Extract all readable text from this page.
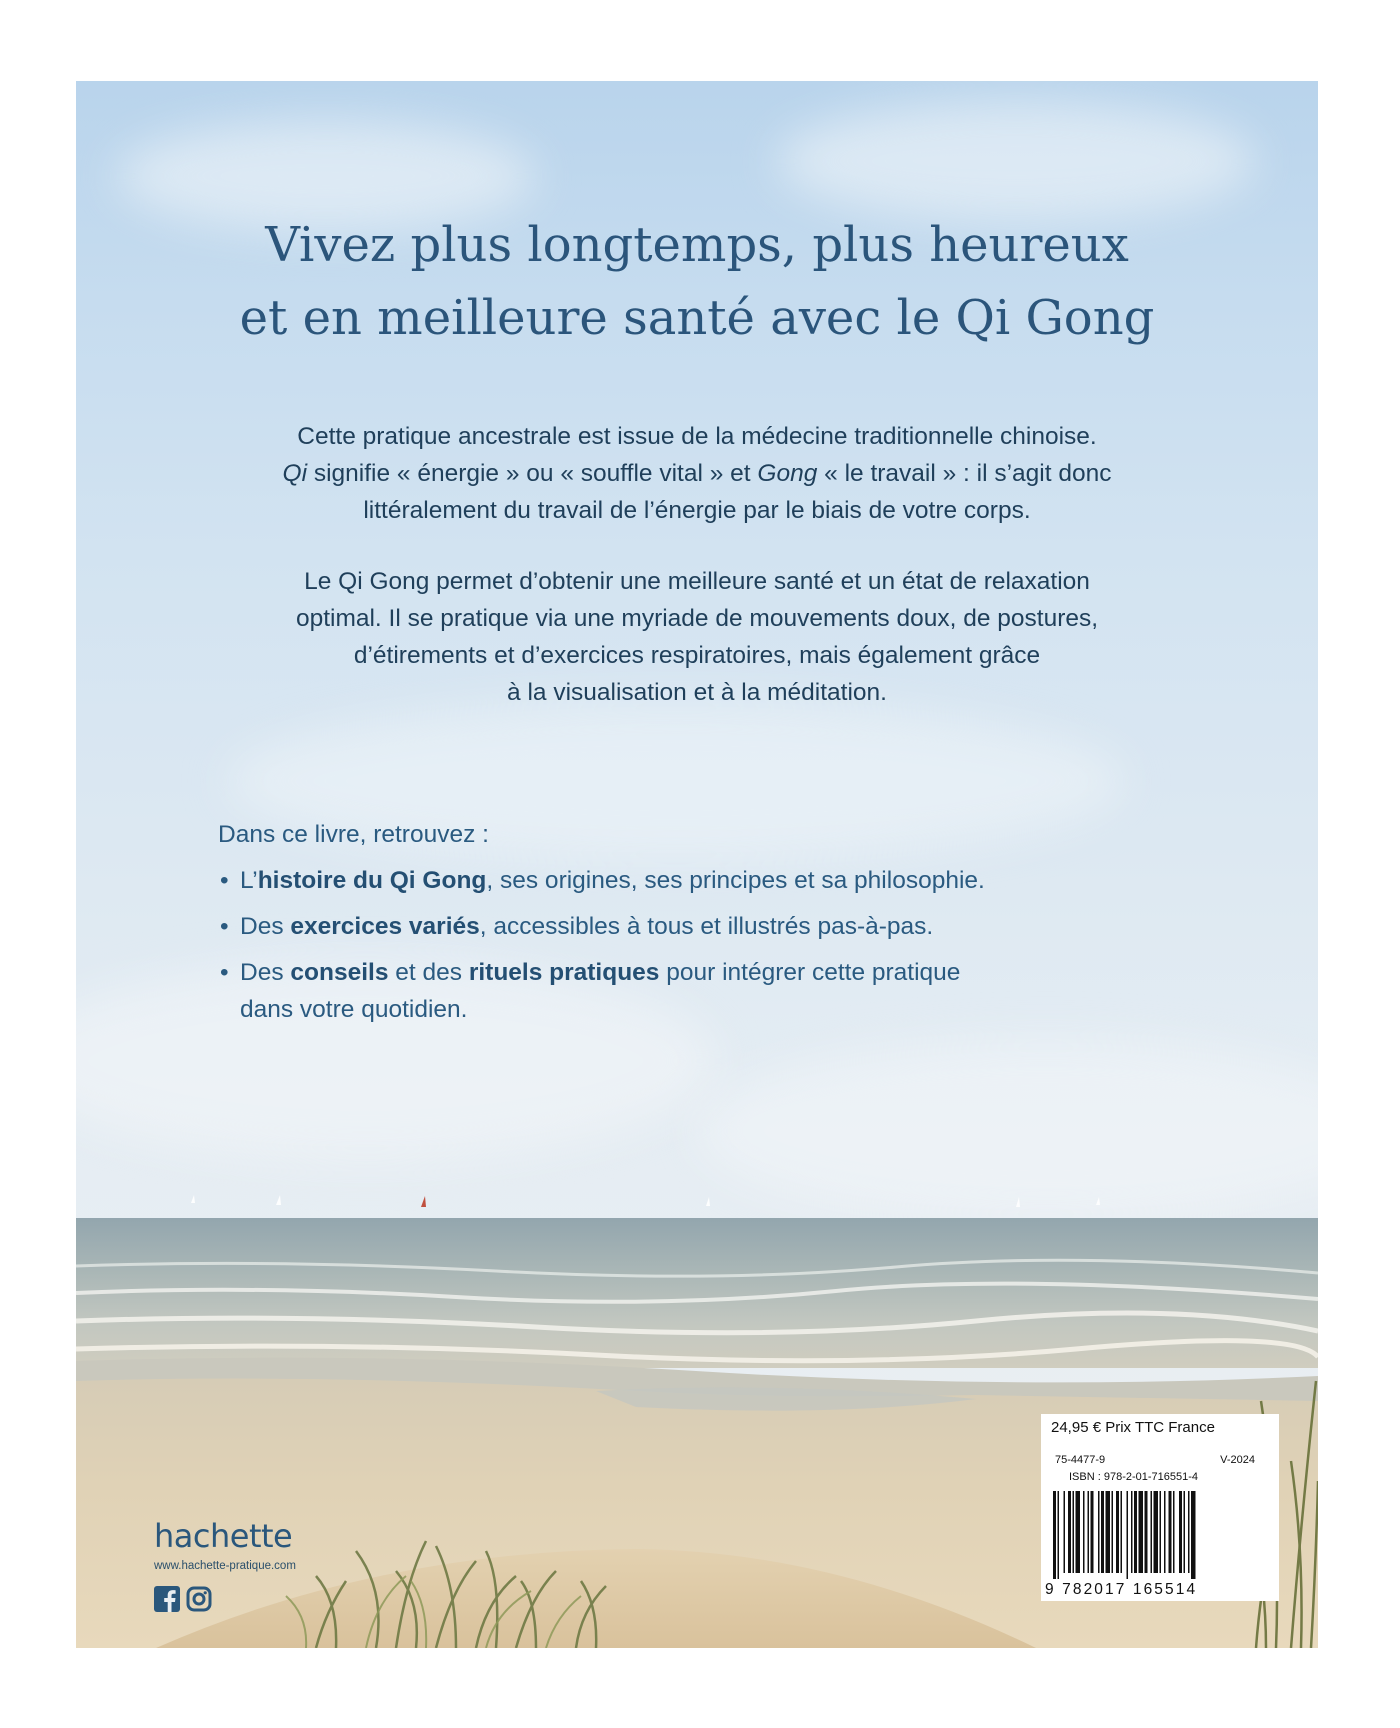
Vivez plus longtemps, plus heureux
et en meilleure santé avec le Qi Gong

Cette pratique ancestrale est issue de la médecine traditionnelle chinoise.
Qi signifie « énergie » ou « souffle vital » et Gong « le travail » : il s’agit donc
littéralement du travail de l’énergie par le biais de votre corps.

Le Qi Gong permet d’obtenir une meilleure santé et un état de relaxation
optimal. Il se pratique via une myriade de mouvements doux, de postures,
d’étirements et d’exercices respiratoires, mais également grâce
à la visualisation et à la méditation.

Dans ce livre, retrouvez :

• L’histoire du Qi Gong, ses origines, ses principes et sa philosophie.
• Des exercices variés, accessibles à tous et illustrés pas-à-pas.
• Des conseils et des rituels pratiques pour intégrer cette pratique
dans votre quotidien.
hachette
www.hachette-pratique.com
24,95 € Prix TTC France
75-4477-9	V-2024
ISBN : 978-2-01-716551-4
9 782017 165514
